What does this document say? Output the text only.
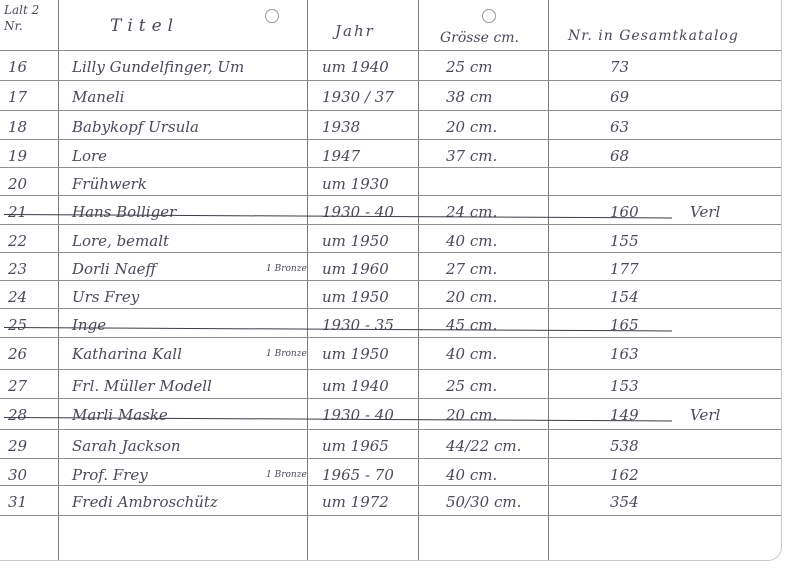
Lalt 2 Nr.	Titel	Jahr	Grösse cm.	Nr. in Gesamtkatalog
16	Lilly Gundelfinger, Um	um 1940	25 cm	73
17	Maneli	1930 / 37	38 cm	69
18	Babykopf Ursula	1938	20 cm.	63
19	Lore	1947	37 cm.	68
20	Frühwerk	um 1930
21	Hans Bolliger	1930 - 40	24 cm.	160	Verl
22	Lore, bemalt	um 1950	40 cm.	155
23	Dorli Naeff	um 1960	27 cm.	177
1 Bronze
24	Urs Frey	um 1950	20 cm.	154
25	Inge	1930 - 35	45 cm.	165
26	Katharina Kall	um 1950	40 cm.	163
1 Bronze
27	Frl. Müller Modell	um 1940	25 cm.	153
28	Marli Maske	1930 - 40	20 cm.	149	Verl
29	Sarah Jackson	um 1965	44/22 cm.	538
30	Prof. Frey	1965 - 70	40 cm.	162
1 Bronze
31	Fredi Ambroschütz	um 1972	50/30 cm.	354
